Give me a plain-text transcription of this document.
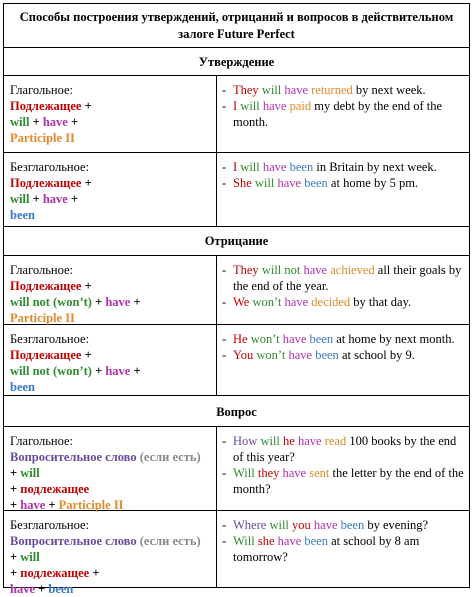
Способы построения утверждений, отрицаний и вопросов в действительном залоге Future Perfect
Утверждение
Глагольное:
Подлежащее +
will + have +
Participle II
- They will have returned by next week.
- I will have paid my debt by the end of the month.
Безглагольное:
Подлежащее +
will + have +
been
- I will have been in Britain by next week.
- She will have been at home by 5 pm.
Отрицание
Глагольное:
Подлежащее +
will not (won’t) + have +
Participle II
- They will not have achieved all their goals by the end of the year.
- We won’t have decided by that day.
Безглагольное:
Подлежащее +
will not (won’t) + have +
been
- He won’t have been at home by next month.
- You won’t have been at school by 9.
Вопрос
Глагольное:
Вопросительное слово (если есть)
+ will
+ подлежащее
+ have + Participle II
- How will he have read 100 books by the end of this year?
- Will they have sent the letter by the end of the month?
Безглагольное:
Вопросительное слово (если есть)
+ will
+ подлежащее +
have + been
- Where will you have been by evening?
- Will she have been at school by 8 am tomorrow?
